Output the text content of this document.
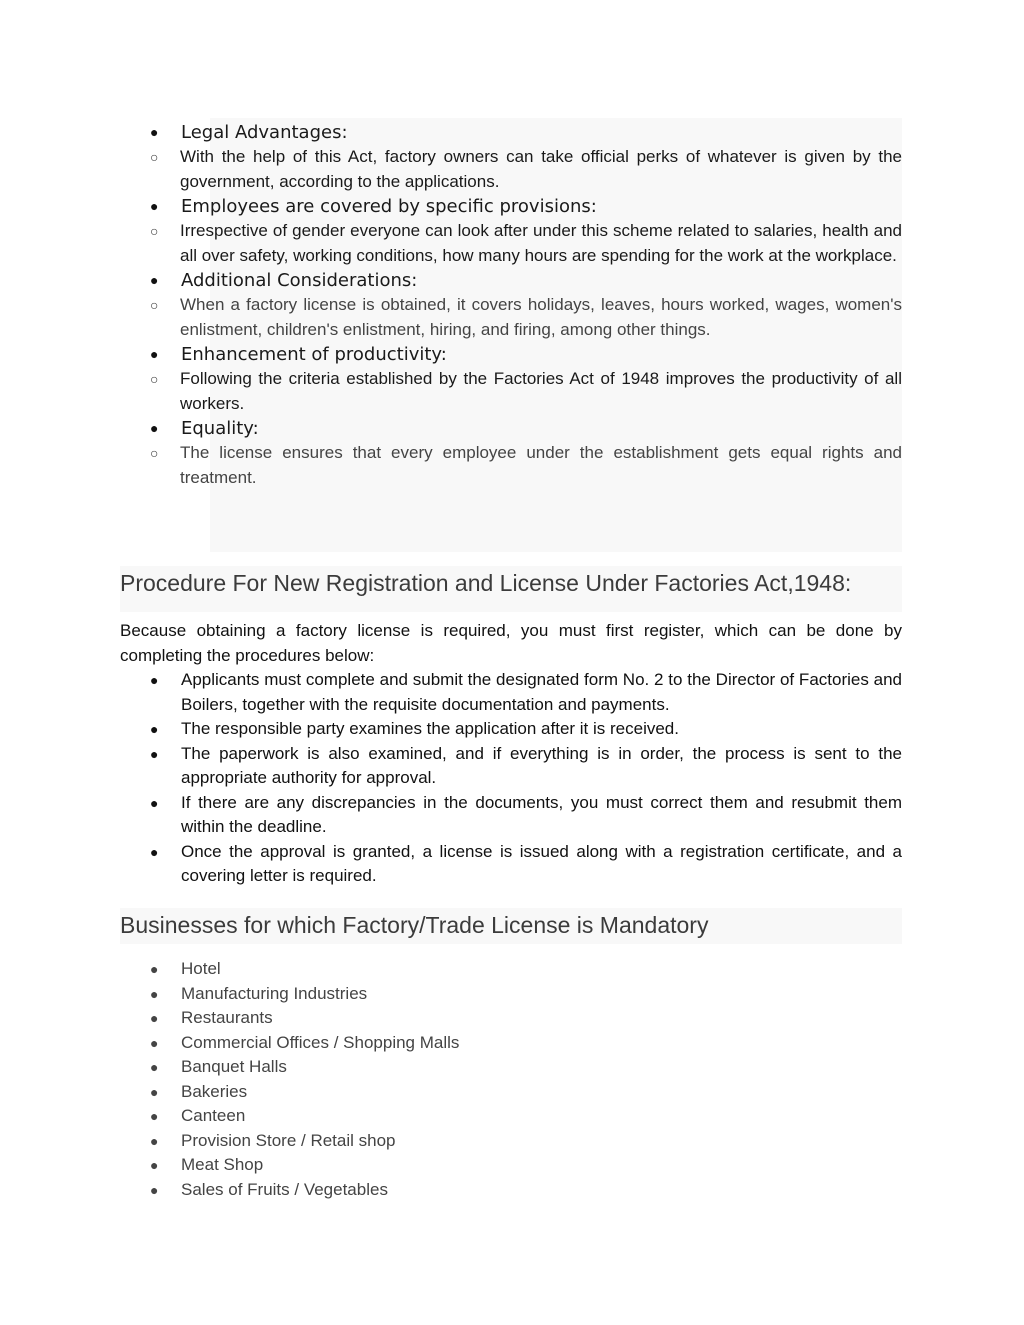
● Legal Advantages:
○ With the help of this Act, factory owners can take official perks of whatever is given by the government, according to the applications.
● Employees are covered by specific provisions:
○ Irrespective of gender everyone can look after under this scheme related to salaries, health and all over safety, working conditions, how many hours are spending for the work at the workplace.
● Additional Considerations:
○ When a factory license is obtained, it covers holidays, leaves, hours worked, wages, women's enlistment, children's enlistment, hiring, and firing, among other things.
● Enhancement of productivity:
○ Following the criteria established by the Factories Act of 1948 improves the productivity of all workers.
● Equality:
○ The license ensures that every employee under the establishment gets equal rights and treatment.
Procedure For New Registration and License Under Factories Act,1948:

Because obtaining a factory license is required, you must first register, which can be done by completing the procedures below:

● Applicants must complete and submit the designated form No. 2 to the Director of Factories and Boilers, together with the requisite documentation and payments.
● The responsible party examines the application after it is received.
● The paperwork is also examined, and if everything is in order, the process is sent to the appropriate authority for approval.
● If there are any discrepancies in the documents, you must correct them and resubmit them within the deadline.
● Once the approval is granted, a license is issued along with a registration certificate, and a covering letter is required.
Businesses for which Factory/Trade License is Mandatory
● Hotel
● Manufacturing Industries
● Restaurants
● Commercial Offices / Shopping Malls
● Banquet Halls
● Bakeries
● Canteen
● Provision Store / Retail shop
● Meat Shop
● Sales of Fruits / Vegetables
